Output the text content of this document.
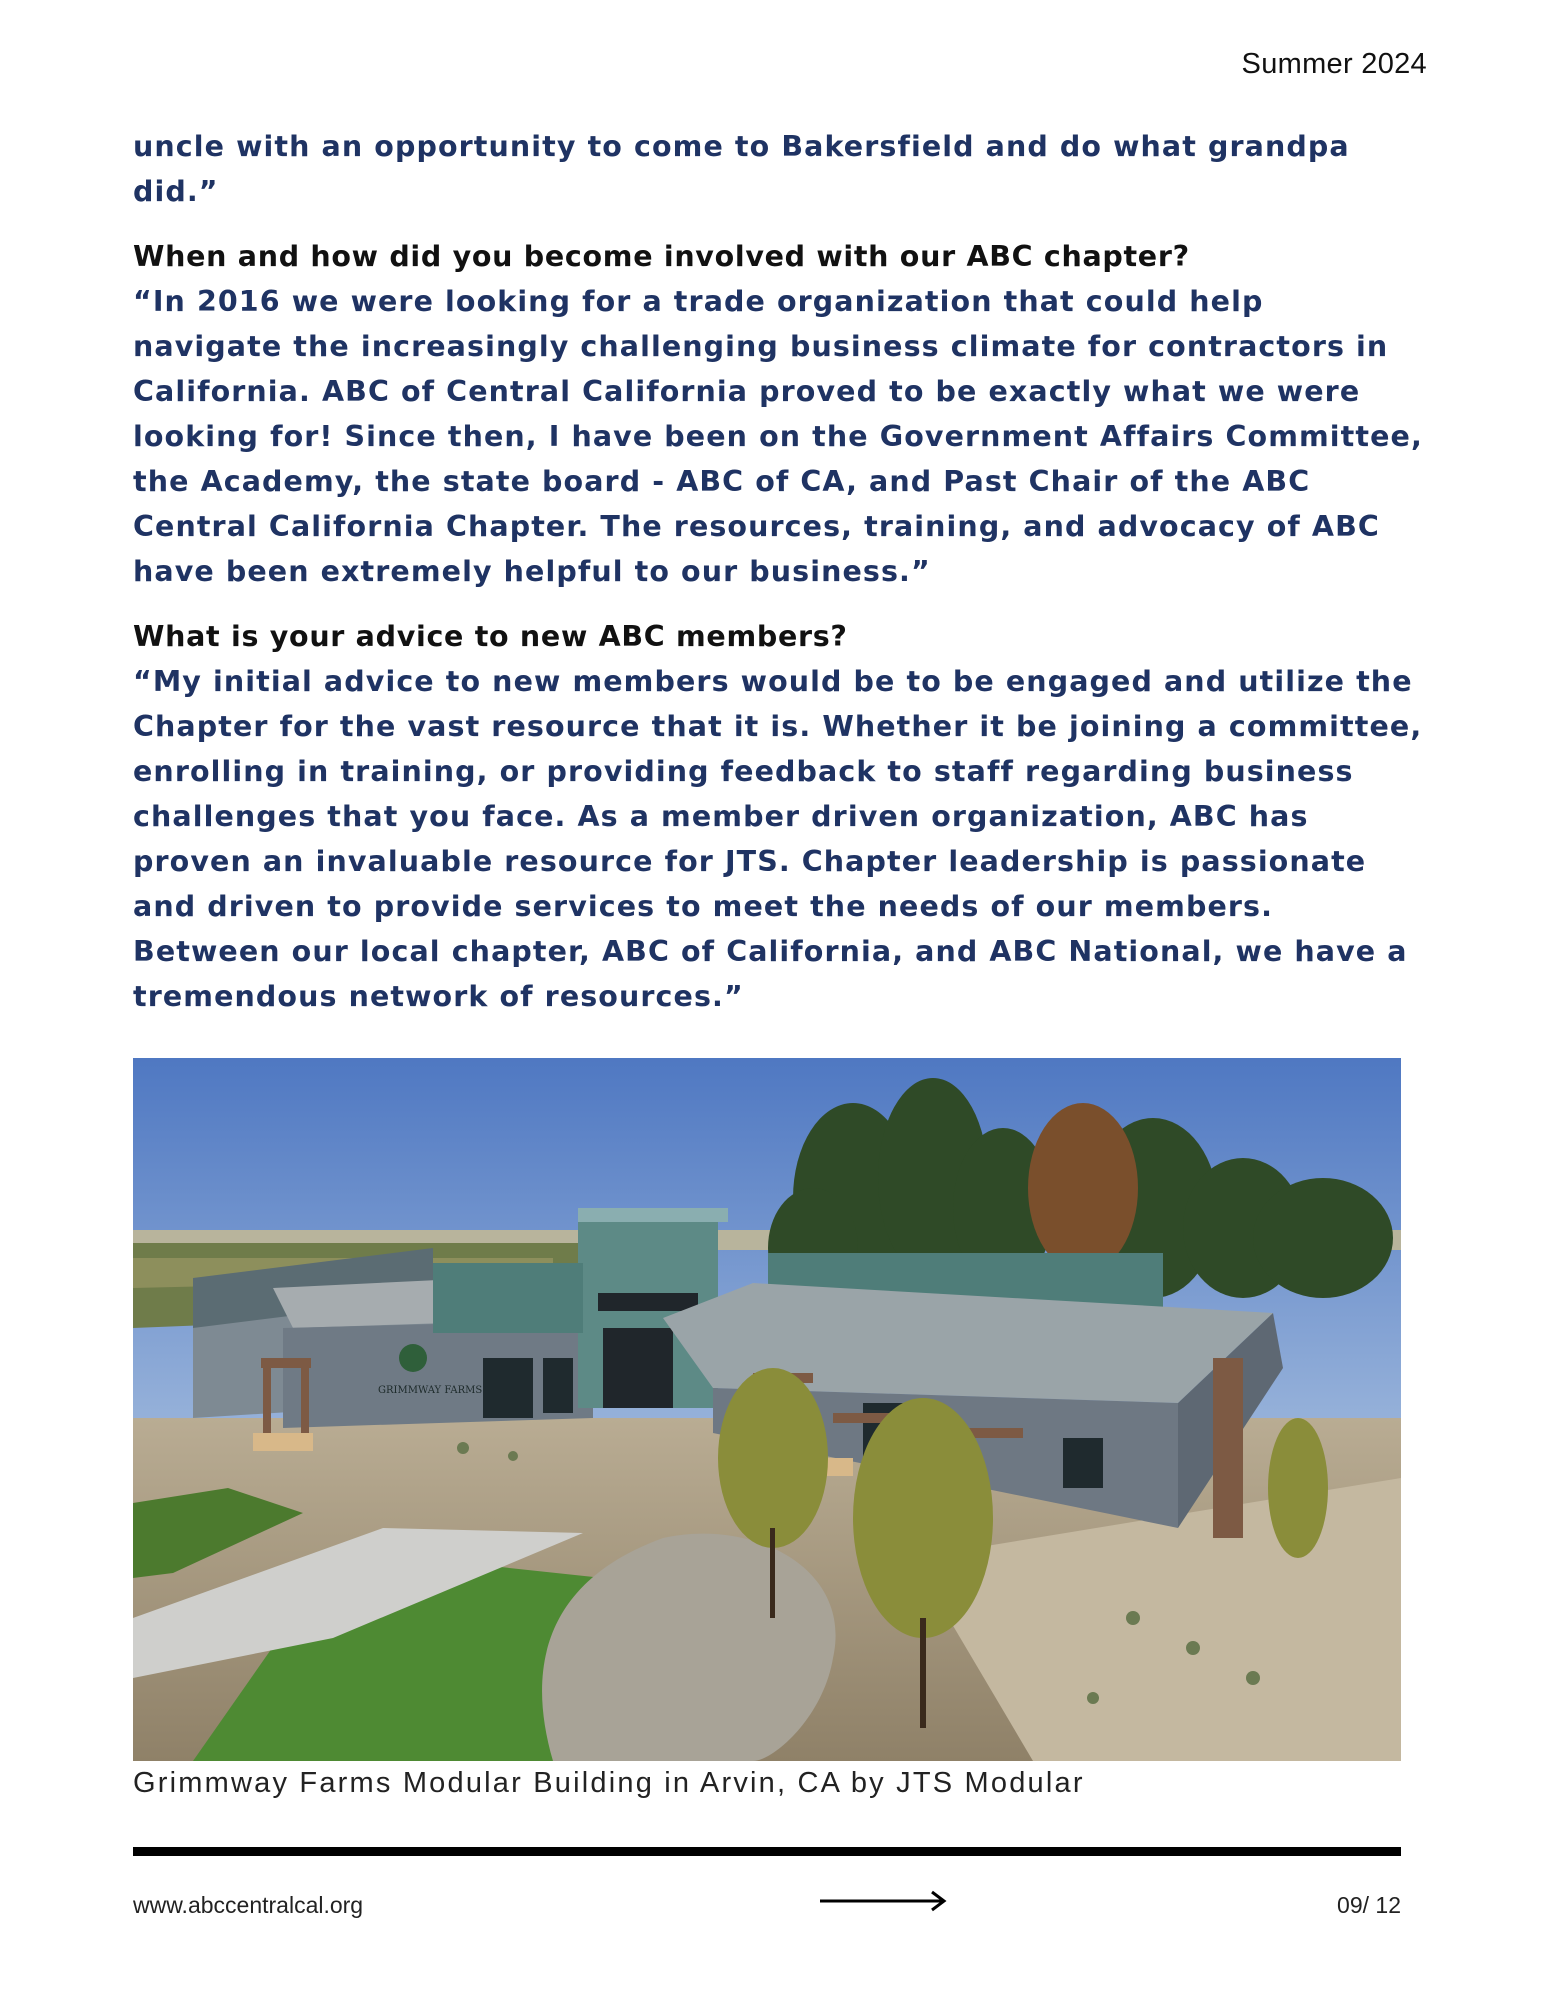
Summer 2024

uncle with an opportunity to come to Bakersfield and do what grandpa did.”

When and how did you become involved with our ABC chapter?

“In 2016 we were looking for a trade organization that could help navigate the increasingly challenging business climate for contractors in California. ABC of Central California proved to be exactly what we were looking for! Since then, I have been on the Government Affairs Committee, the Academy, the state board - ABC of CA, and Past Chair of the ABC Central California Chapter. The resources, training, and advocacy of ABC have been extremely helpful to our business.”

What is your advice to new ABC members?

“My initial advice to new members would be to be engaged and utilize the Chapter for the vast resource that it is. Whether it be joining a committee, enrolling in training, or providing feedback to staff regarding business challenges that you face. As a member driven organization, ABC has proven an invaluable resource for JTS. Chapter leadership is passionate and driven to provide services to meet the needs of our members. Between our local chapter, ABC of California, and ABC National, we have a tremendous network of resources.”

GRIMMWAY FARMS
Grimmway Farms Modular Building in Arvin, CA by JTS Modular
www.abccentralcal.org	09/ 12
